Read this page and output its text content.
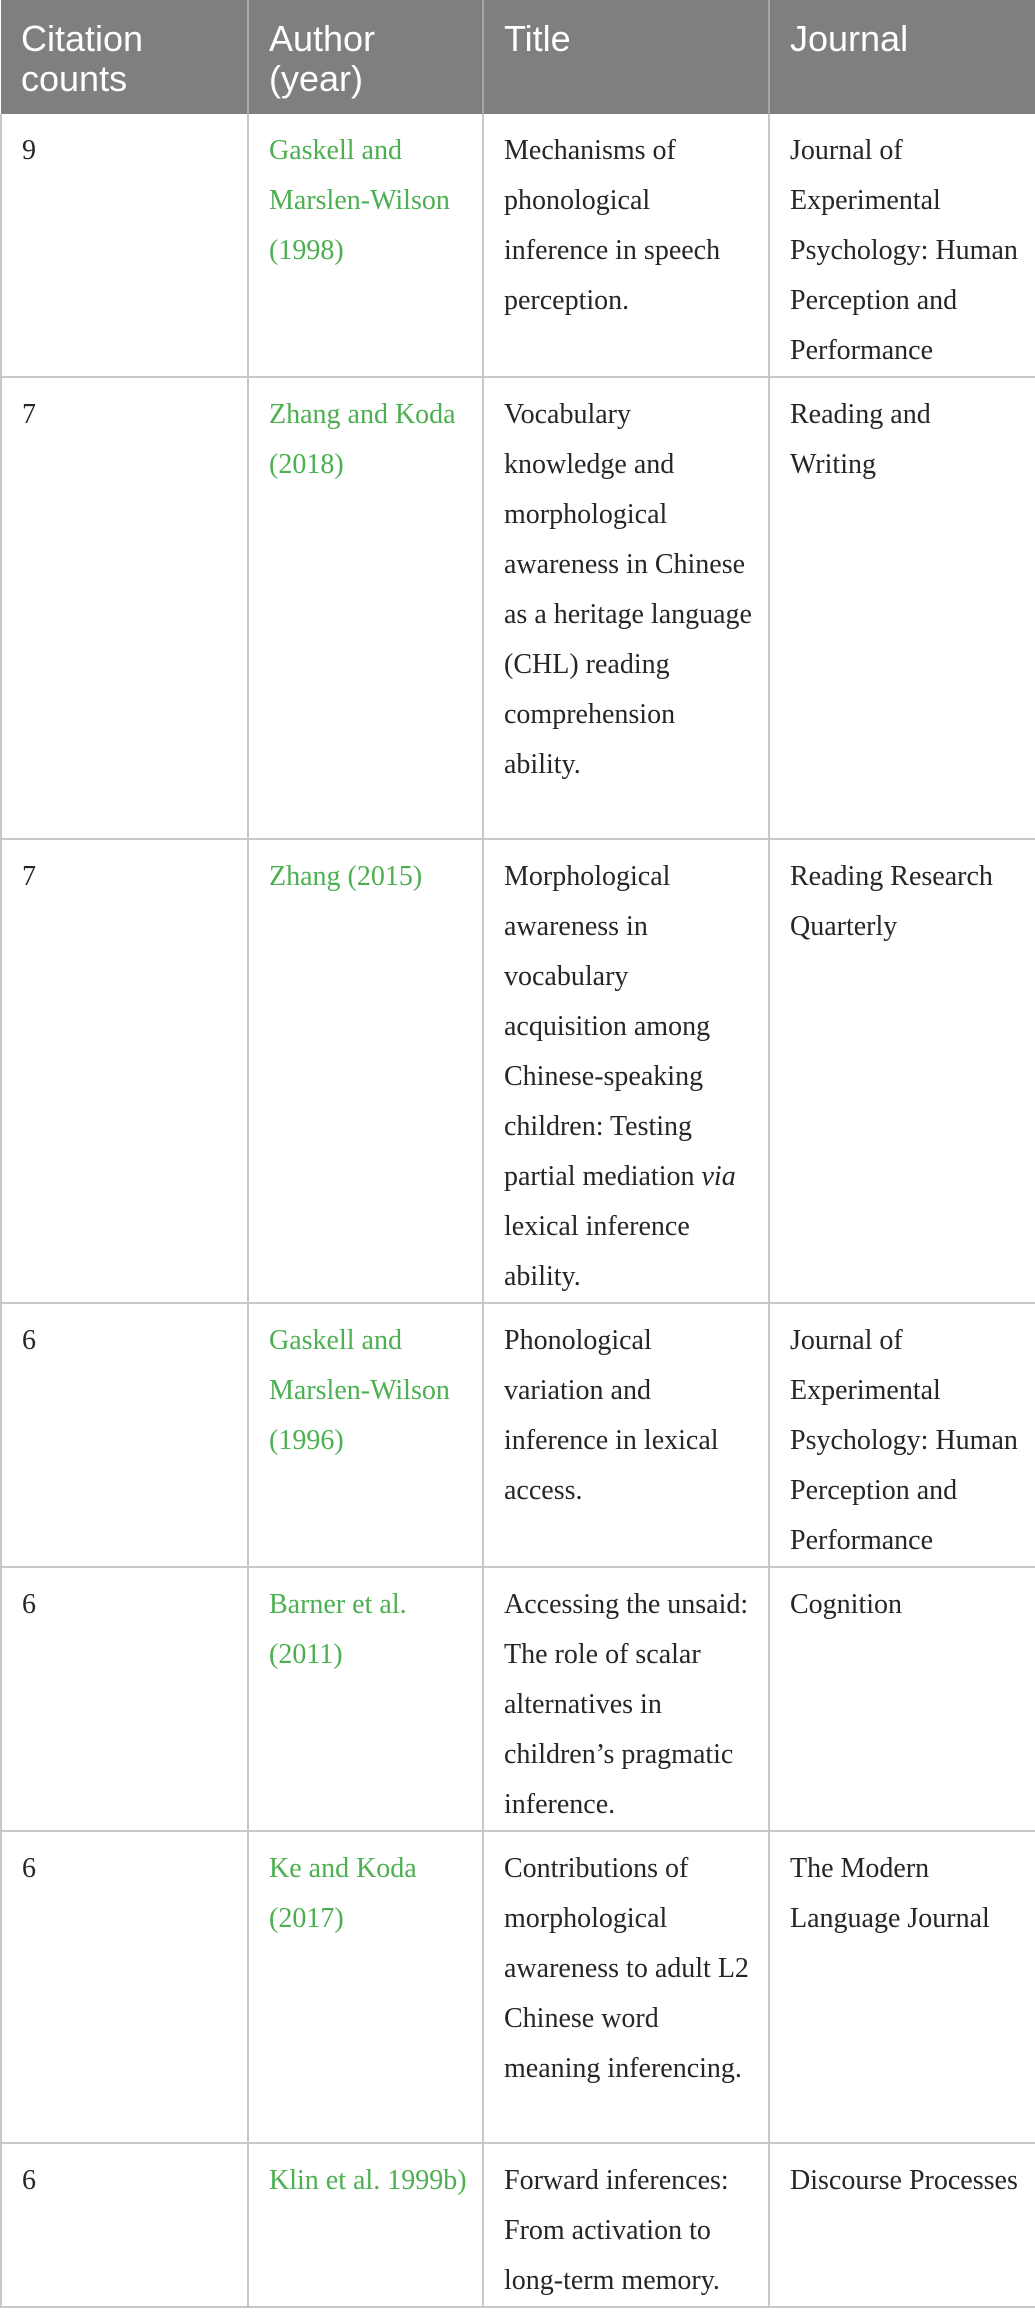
Citation counts	Author (year)	Title	Journal
9	Gaskell and Marslen-Wilson (1998)	Mechanisms of phonological inference in speech perception.	Journal of Experimental Psychology: Human Perception and Performance
7	Zhang and Koda (2018)	Vocabulary knowledge and morphological awareness in Chinese as a heritage language (CHL) reading comprehension ability.	Reading and Writing
7	Zhang (2015)	Morphological awareness in vocabulary acquisition among Chinese-speaking children: Testing partial mediation via lexical inference ability.	Reading Research Quarterly
6	Gaskell and Marslen-Wilson (1996)	Phonological variation and inference in lexical access.	Journal of Experimental Psychology: Human Perception and Performance
6	Barner et al. (2011)	Accessing the unsaid: The role of scalar alternatives in children’s pragmatic inference.	Cognition
6	Ke and Koda (2017)	Contributions of morphological awareness to adult L2 Chinese word meaning inferencing.	The Modern Language Journal
6	Klin et al. 1999b)	Forward inferences: From activation to long-term memory.	Discourse Processes
